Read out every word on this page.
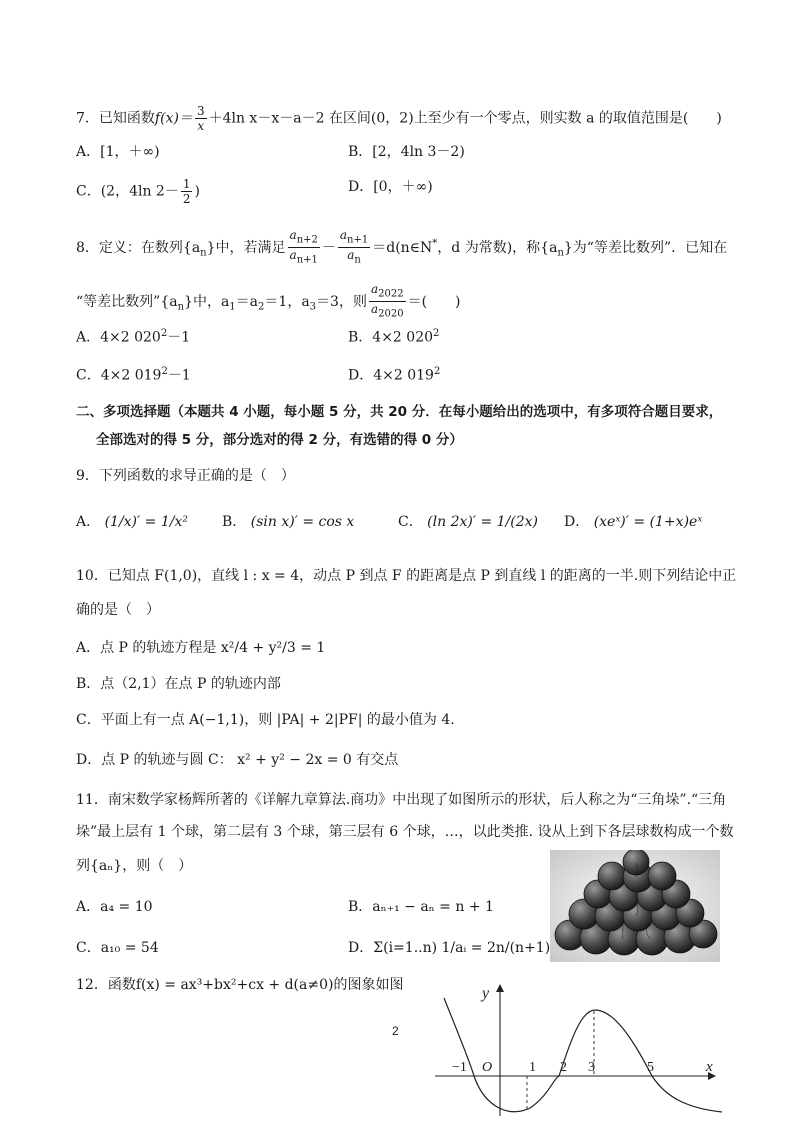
7．已知函数$f(x)= \frac{3}{x} +4\ln$ x－x－a－2 在区间(0，2)上至少有一个零点，则实数 a 的取值范围是(　　)
A．[1，＋∞)	B．[2，4ln 3－2)
C．(2，4ln $2- \frac{1}{2}$ )	D．[0，＋∞)
8．定义：在数列$\{a_n\}$中，若满足 $\frac{a_{n+2}}{a_{n+1}} - \frac{a_{n+1}}{a_n}$ ＝d(n∈N*，d 为常数)，称$\{a_n\}$为“等差比数列”．已知在
“等差比数列$”\{a_n\}$中，$a_1=a_2=1$，$a_3=3$，则 $\frac{a_{2022}}{a_{2020}}$ ＝(　　)
A．4×2 $020^2-1$	B．4×2 $020^2$
C．4×2 $019^2-1$	D．4×2 $019^2$
二、多项选择题（本题共 4 小题，每小题 5 分，共 20 分．在每小题给出的选项中，有多项符合题目要求，
全部选对的得 5 分，部分选对的得 2 分，有选错的得 0 分）
9．下列函数的求导正确的是（　）
A． (1/x)′ = 1/x² B． (sin x)′ = cos x	C． (ln 2x)′ = 1/(2x) D． (xeˣ)′ = (1+x)eˣ
10．已知点 F(1,0)，直线 l : x = 4，动点 P 到点 F 的距离是点 P 到直线 l 的距离的一半.则下列结论中正
确的是（　）
A．点 P 的轨迹方程是 x²/4 + y²/3 = 1
B．点（2,1）在点 P 的轨迹内部
C．平面上有一点 A(−1,1)，则 |PA| + 2|PF| 的最小值为 4.
D．点 P 的轨迹与圆 C： x² + y² − 2x = 0 有交点
11．南宋数学家杨辉所著的《详解九章算法.商功》中出现了如图所示的形状，后人称之为“三角垛”.“三角
垛”最上层有 1 个球，第二层有 3 个球，第三层有 6 个球，…，以此类推. 设从上到下各层球数构成一个数
列{aₙ}，则（　）
A．a₄ = 10	B．aₙ₊₁ − aₙ = n + 1
C．a₁₀ = 54	D．Σ(i=1..n) 1/aᵢ = 2n/(n+1)
12．函数f(x) = ax³+bx²+cx + d(a≠0)的图象如图
2
y
x
O
−1	1 2 3	5
